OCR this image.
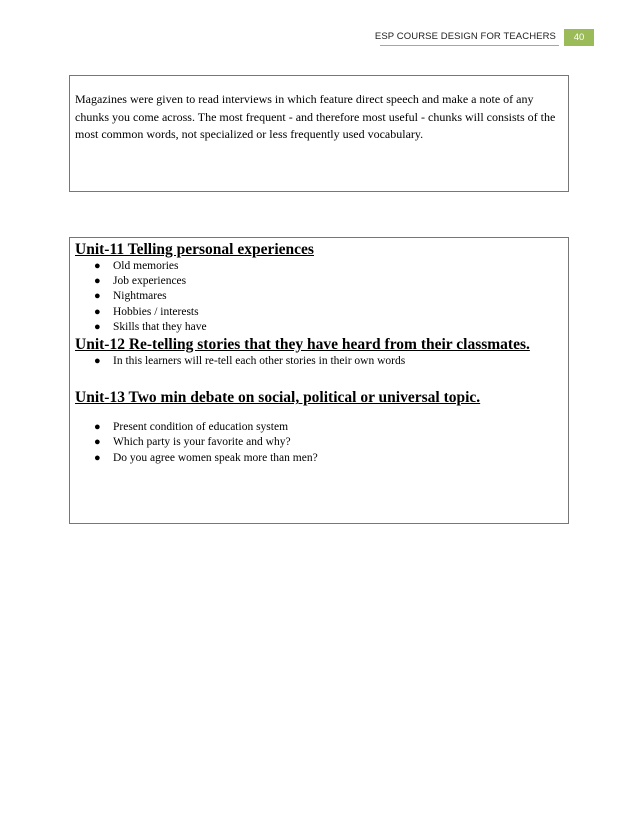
ESP COURSE DESIGN FOR TEACHERS	40

Magazines were given to read interviews in which feature direct speech and make a note of any chunks you come across. The most frequent - and therefore most useful - chunks will consists of the most common words, not specialized or less frequently used vocabulary.

Unit-11 Telling personal experiences

● Old memories
● Job experiences
● Nightmares
● Hobbies / interests
● Skills that they have

Unit-12 Re-telling stories that they have heard from their classmates.

● In this learners will re-tell each other stories in their own words

Unit-13 Two min debate on social, political or universal topic.

● Present condition of education system
● Which party is your favorite and why?
● Do you agree women speak more than men?
